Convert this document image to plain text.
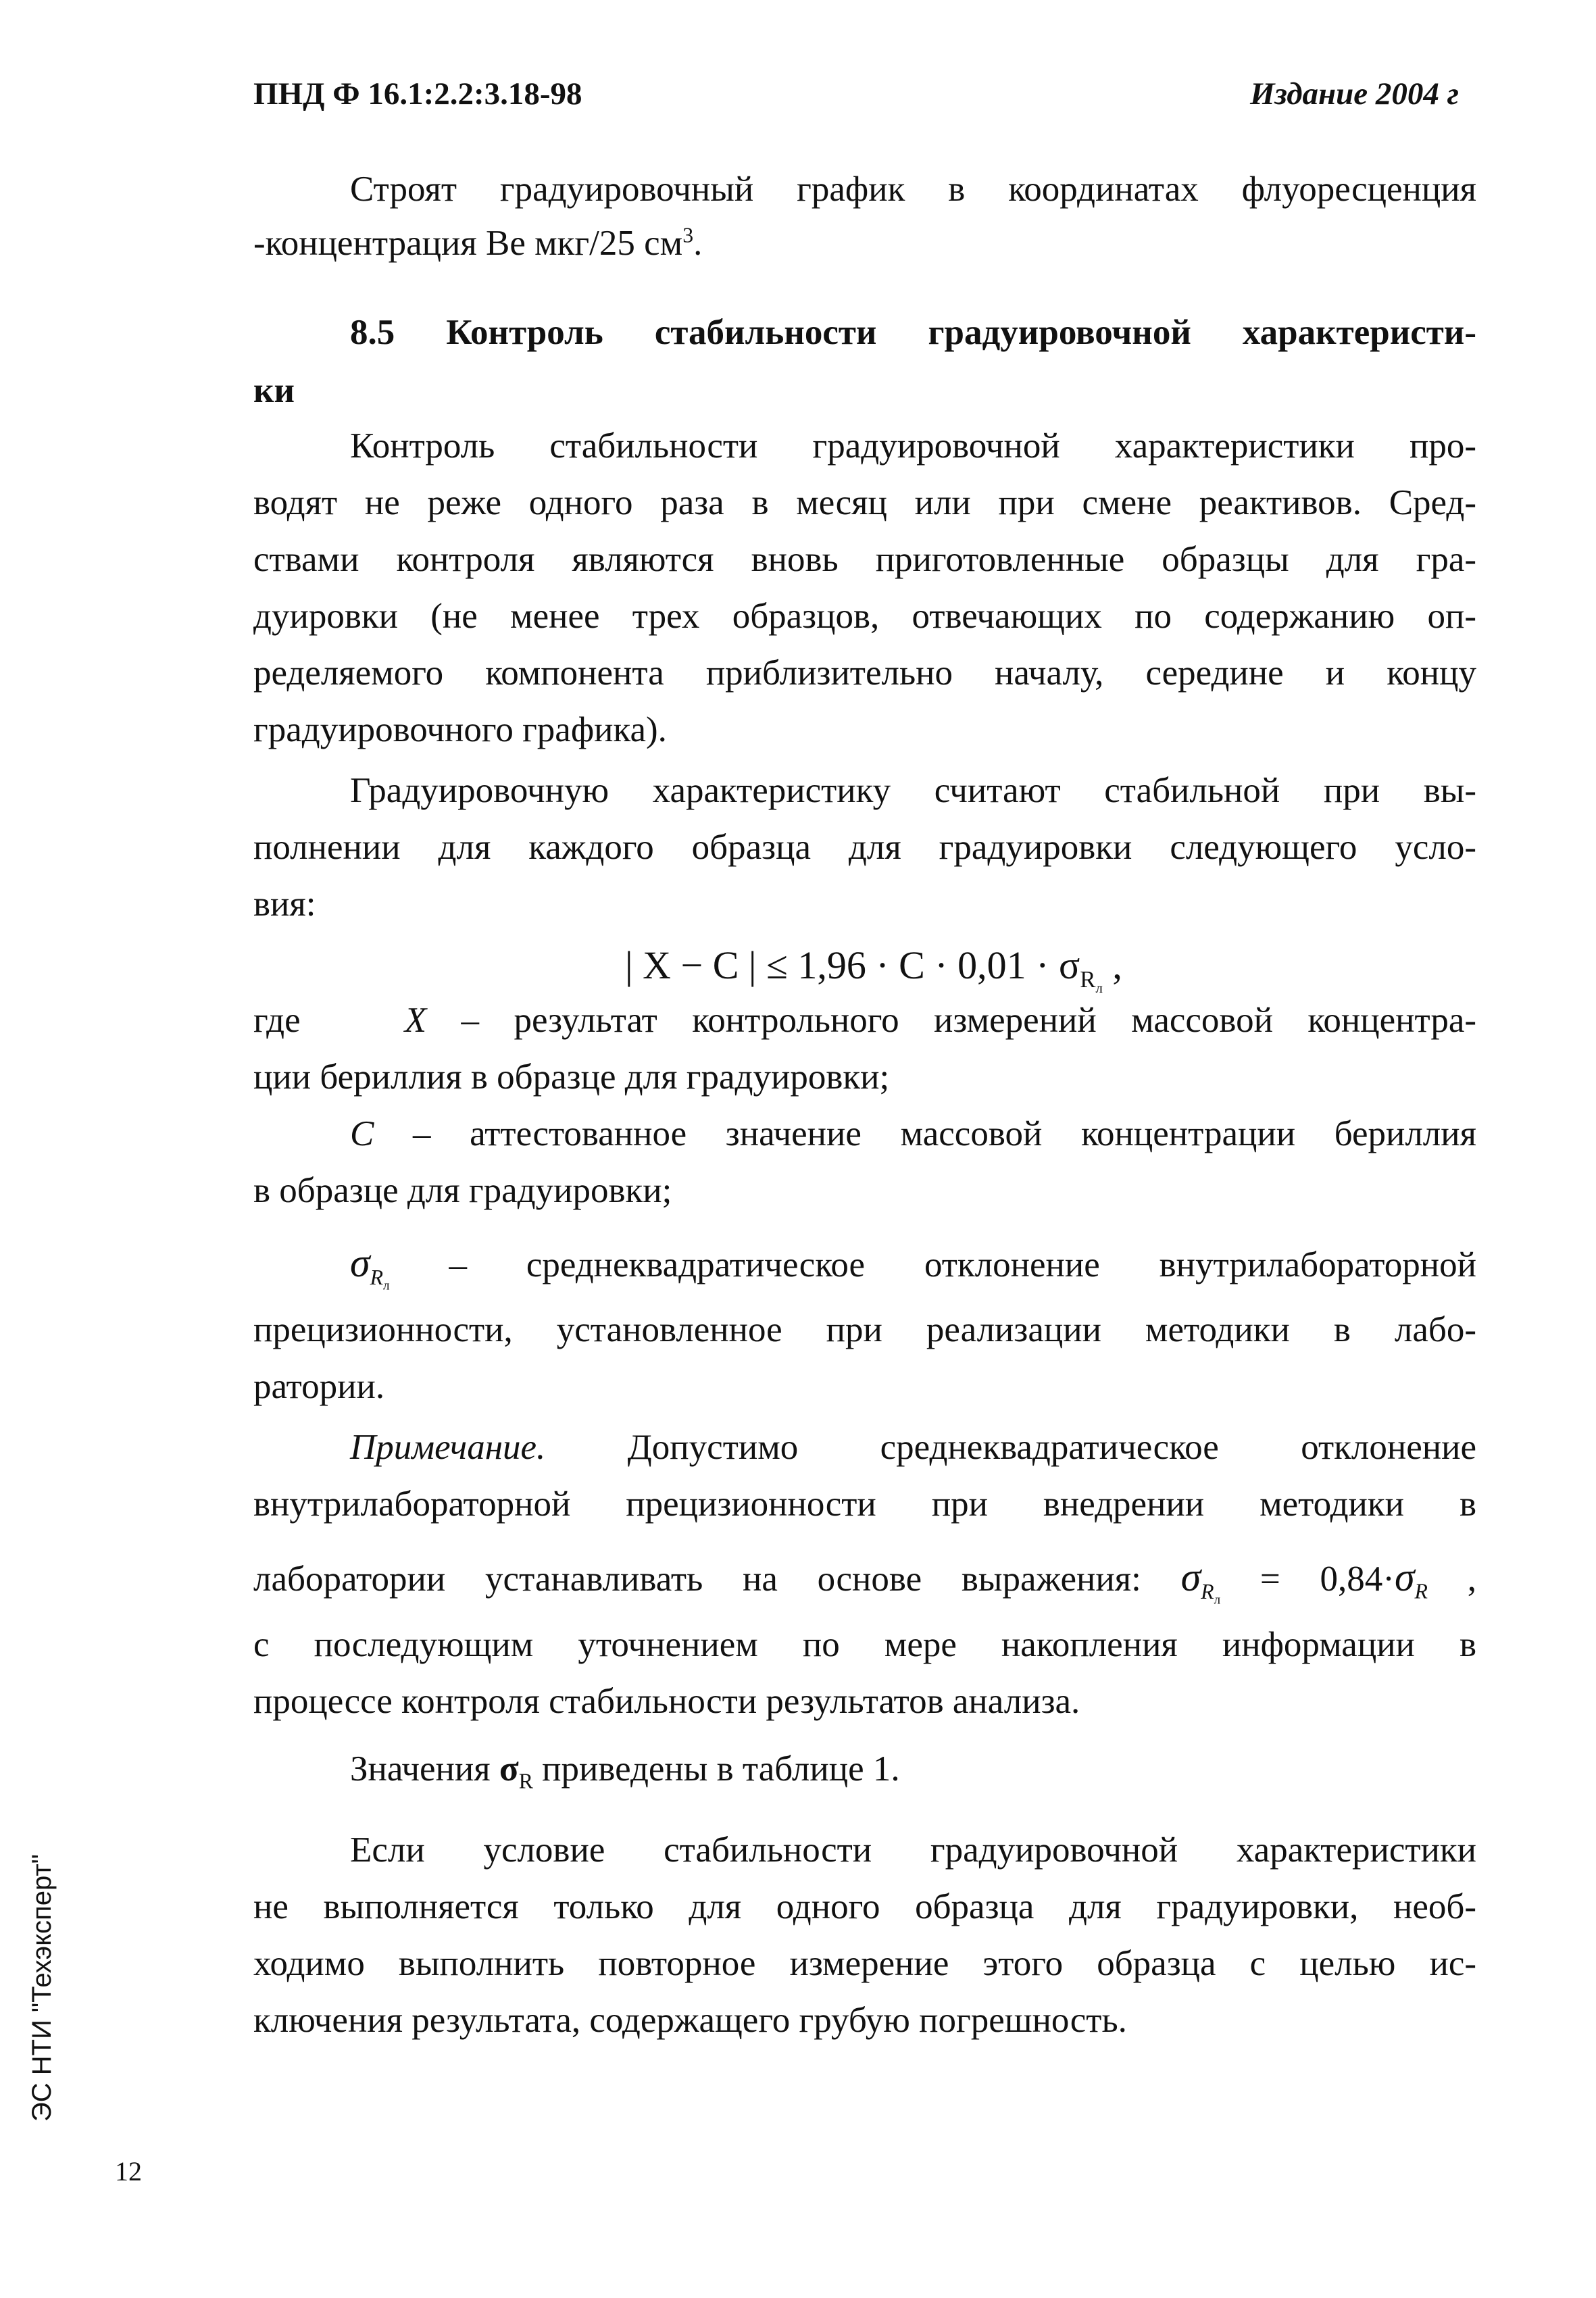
ПНД Ф 16.1:2.2:3.18-98	Издание 2004 г
Строят градуировочный график в координатах флуоресценция
-концентрация Be мкг/25 $см^3$.
8.5 Контроль стабильности градуировочной характеристи-
ки
Контроль стабильности градуировочной характеристики про-
водят не реже одного раза в месяц или при смене реактивов. Сред-
ствами контроля являются вновь приготовленные образцы для гра-
дуировки (не менее трех образцов, отвечающих по содержанию оп-
ределяемого компонента приблизительно началу, середине и концу
градуировочного графика).
Градуировочную характеристику считают стабильной при вы-
полнении для каждого образца для градуировки следующего усло-
вия:
| X − C | ≤ $1,96 \cdot C \cdot 0,01 \cdot \sigma_{R_л}$ ,
где	X – результат контрольного измерений массовой концентра-
ции бериллия в образце для градуировки;
C – аттестованное значение массовой концентрации бериллия
в образце для градуировки;
$\sigma_{R_л}$ – среднеквадратическое отклонение внутрилабораторной
прецизионности, установленное при реализации методики в лабо-
ратории.
Примечание. Допустимо среднеквадратическое отклонение
внутрилабораторной прецизионности при внедрении методики в
лаборатории устанавливать на основе выражения: $\sigma_{R_л} = 0,84\cdot\sigma_R$ ,
с последующим уточнением по мере накопления информации в
процессе контроля стабильности результатов анализа.
Значения $\sigma_R$ приведены в таблице 1.
Если условие стабильности градуировочной характеристики
не выполняется только для одного образца для градуировки, необ-
ходимо выполнить повторное измерение этого образца с целью ис-
ключения результата, содержащего грубую погрешность.
ЭС НТИ "Техэксперт"
12
